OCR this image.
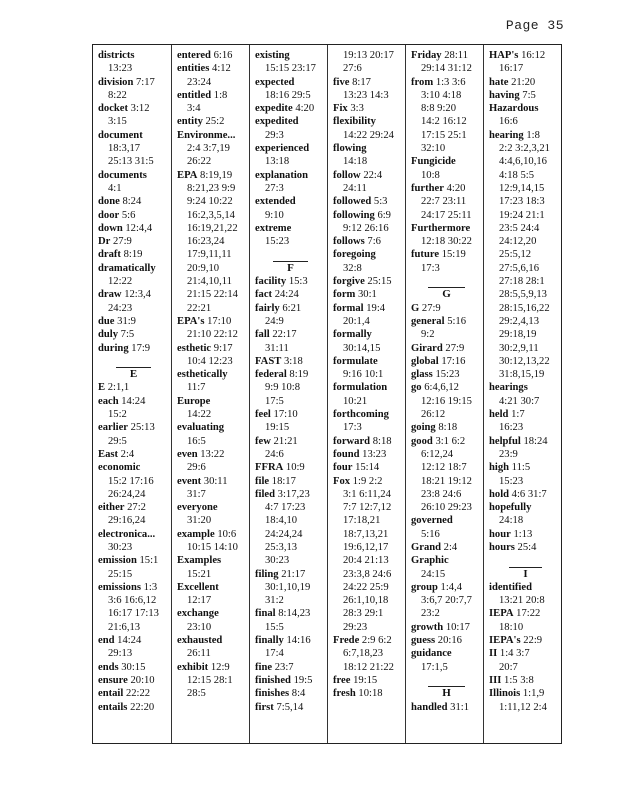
Page 35
districts
13:23
division 7:17
8:22
docket 3:12
3:15
document
18:3,17
25:13 31:5
documents
4:1
done 8:24
door 5:6
down 12:4,4
Dr 27:9
draft 8:19
dramatically
12:22
draw 12:3,4
24:23
due 31:9
duly 7:5
during 17:9
E
E 2:1,1
each 14:24
15:2
earlier 25:13
29:5
East 2:4
economic
15:2 17:16
26:24,24
either 27:2
29:16,24
electronica...
30:23
emission 15:1
25:15
emissions 1:3
3:6 16:6,12
16:17 17:13
21:6,13
end 14:24
29:13
ends 30:15
ensure 20:10
entail 22:22
entails 22:20
entered 6:16
entities 4:12
23:24
entitled 1:8
3:4
entity 25:2
Environme...
2:4 3:7,19
26:22
EPA 8:19,19
8:21,23 9:9
9:24 10:22
16:2,3,5,14
16:19,21,22
16:23,24
17:9,11,11
20:9,10
21:4,10,11
21:15 22:14
22:21
EPA's 17:10
21:10 22:12
esthetic 9:17
10:4 12:23
esthetically
11:7
Europe
14:22
evaluating
16:5
even 13:22
29:6
event 30:11
31:7
everyone
31:20
example 10:6
10:15 14:10
Examples
15:21
Excellent
12:17
exchange
23:10
exhausted
26:11
exhibit 12:9
12:15 28:1
28:5
existing
15:15 23:17
expected
18:16 29:5
expedite 4:20
expedited
29:3
experienced
13:18
explanation
27:3
extended
9:10
extreme
15:23
F
facility 15:3
fact 24:24
fairly 6:21
24:9
fall 22:17
31:11
FAST 3:18
federal 8:19
9:9 10:8
17:5
feel 17:10
19:15
few 21:21
24:6
FFRA 10:9
file 18:17
filed 3:17,23
4:7 17:23
18:4,10
24:24,24
25:3,13
30:23
filing 21:17
30:1,10,19
31:2
final 8:14,23
15:5
finally 14:16
17:4
fine 23:7
finished 19:5
finishes 8:4
first 7:5,14
19:13 20:17
27:6
five 8:17
13:23 14:3
Fix 3:3
flexibility
14:22 29:24
flowing
14:18
follow 22:4
24:11
followed 5:3
following 6:9
9:12 26:16
follows 7:6
foregoing
32:8
forgive 25:15
form 30:1
formal 19:4
20:1,4
formally
30:14,15
formulate
9:16 10:1
formulation
10:21
forthcoming
17:3
forward 8:18
found 13:23
four 15:14
Fox 1:9 2:2
3:1 6:11,24
7:7 12:7,12
17:18,21
18:7,13,21
19:6,12,17
20:4 21:13
23:3,8 24:6
24:22 25:9
26:1,10,18
28:3 29:1
29:23
Frede 2:9 6:2
6:7,18,23
18:12 21:22
free 19:15
fresh 10:18
Friday 28:11
29:14 31:12
from 1:3 3:6
3:10 4:18
8:8 9:20
14:2 16:12
17:15 25:1
32:10
Fungicide
10:8
further 4:20
22:7 23:11
24:17 25:11
Furthermore
12:18 30:22
future 15:19
17:3
G
G 27:9
general 5:16
9:2
Girard 27:9
global 17:16
glass 15:23
go 6:4,6,12
12:16 19:15
26:12
going 8:18
good 3:1 6:2
6:12,24
12:12 18:7
18:21 19:12
23:8 24:6
26:10 29:23
governed
5:16
Grand 2:4
Graphic
24:15
group 1:4,4
3:6,7 20:7,7
23:2
growth 10:17
guess 20:16
guidance
17:1,5
H
handled 31:1
HAP's 16:12
16:17
hate 21:20
having 7:5
Hazardous
16:6
hearing 1:8
2:2 3:2,3,21
4:4,6,10,16
4:18 5:5
12:9,14,15
17:23 18:3
19:24 21:1
23:5 24:4
24:12,20
25:5,12
27:5,6,16
27:18 28:1
28:5,5,9,13
28:15,16,22
29:2,4,13
29:18,19
30:2,9,11
30:12,13,22
31:8,15,19
hearings
4:21 30:7
held 1:7
16:23
helpful 18:24
23:9
high 11:5
15:23
hold 4:6 31:7
hopefully
24:18
hour 1:13
hours 25:4
I
identified
13:21 20:8
IEPA 17:22
18:10
IEPA's 22:9
II 1:4 3:7
20:7
III 1:5 3:8
Illinois 1:1,9
1:11,12 2:4
